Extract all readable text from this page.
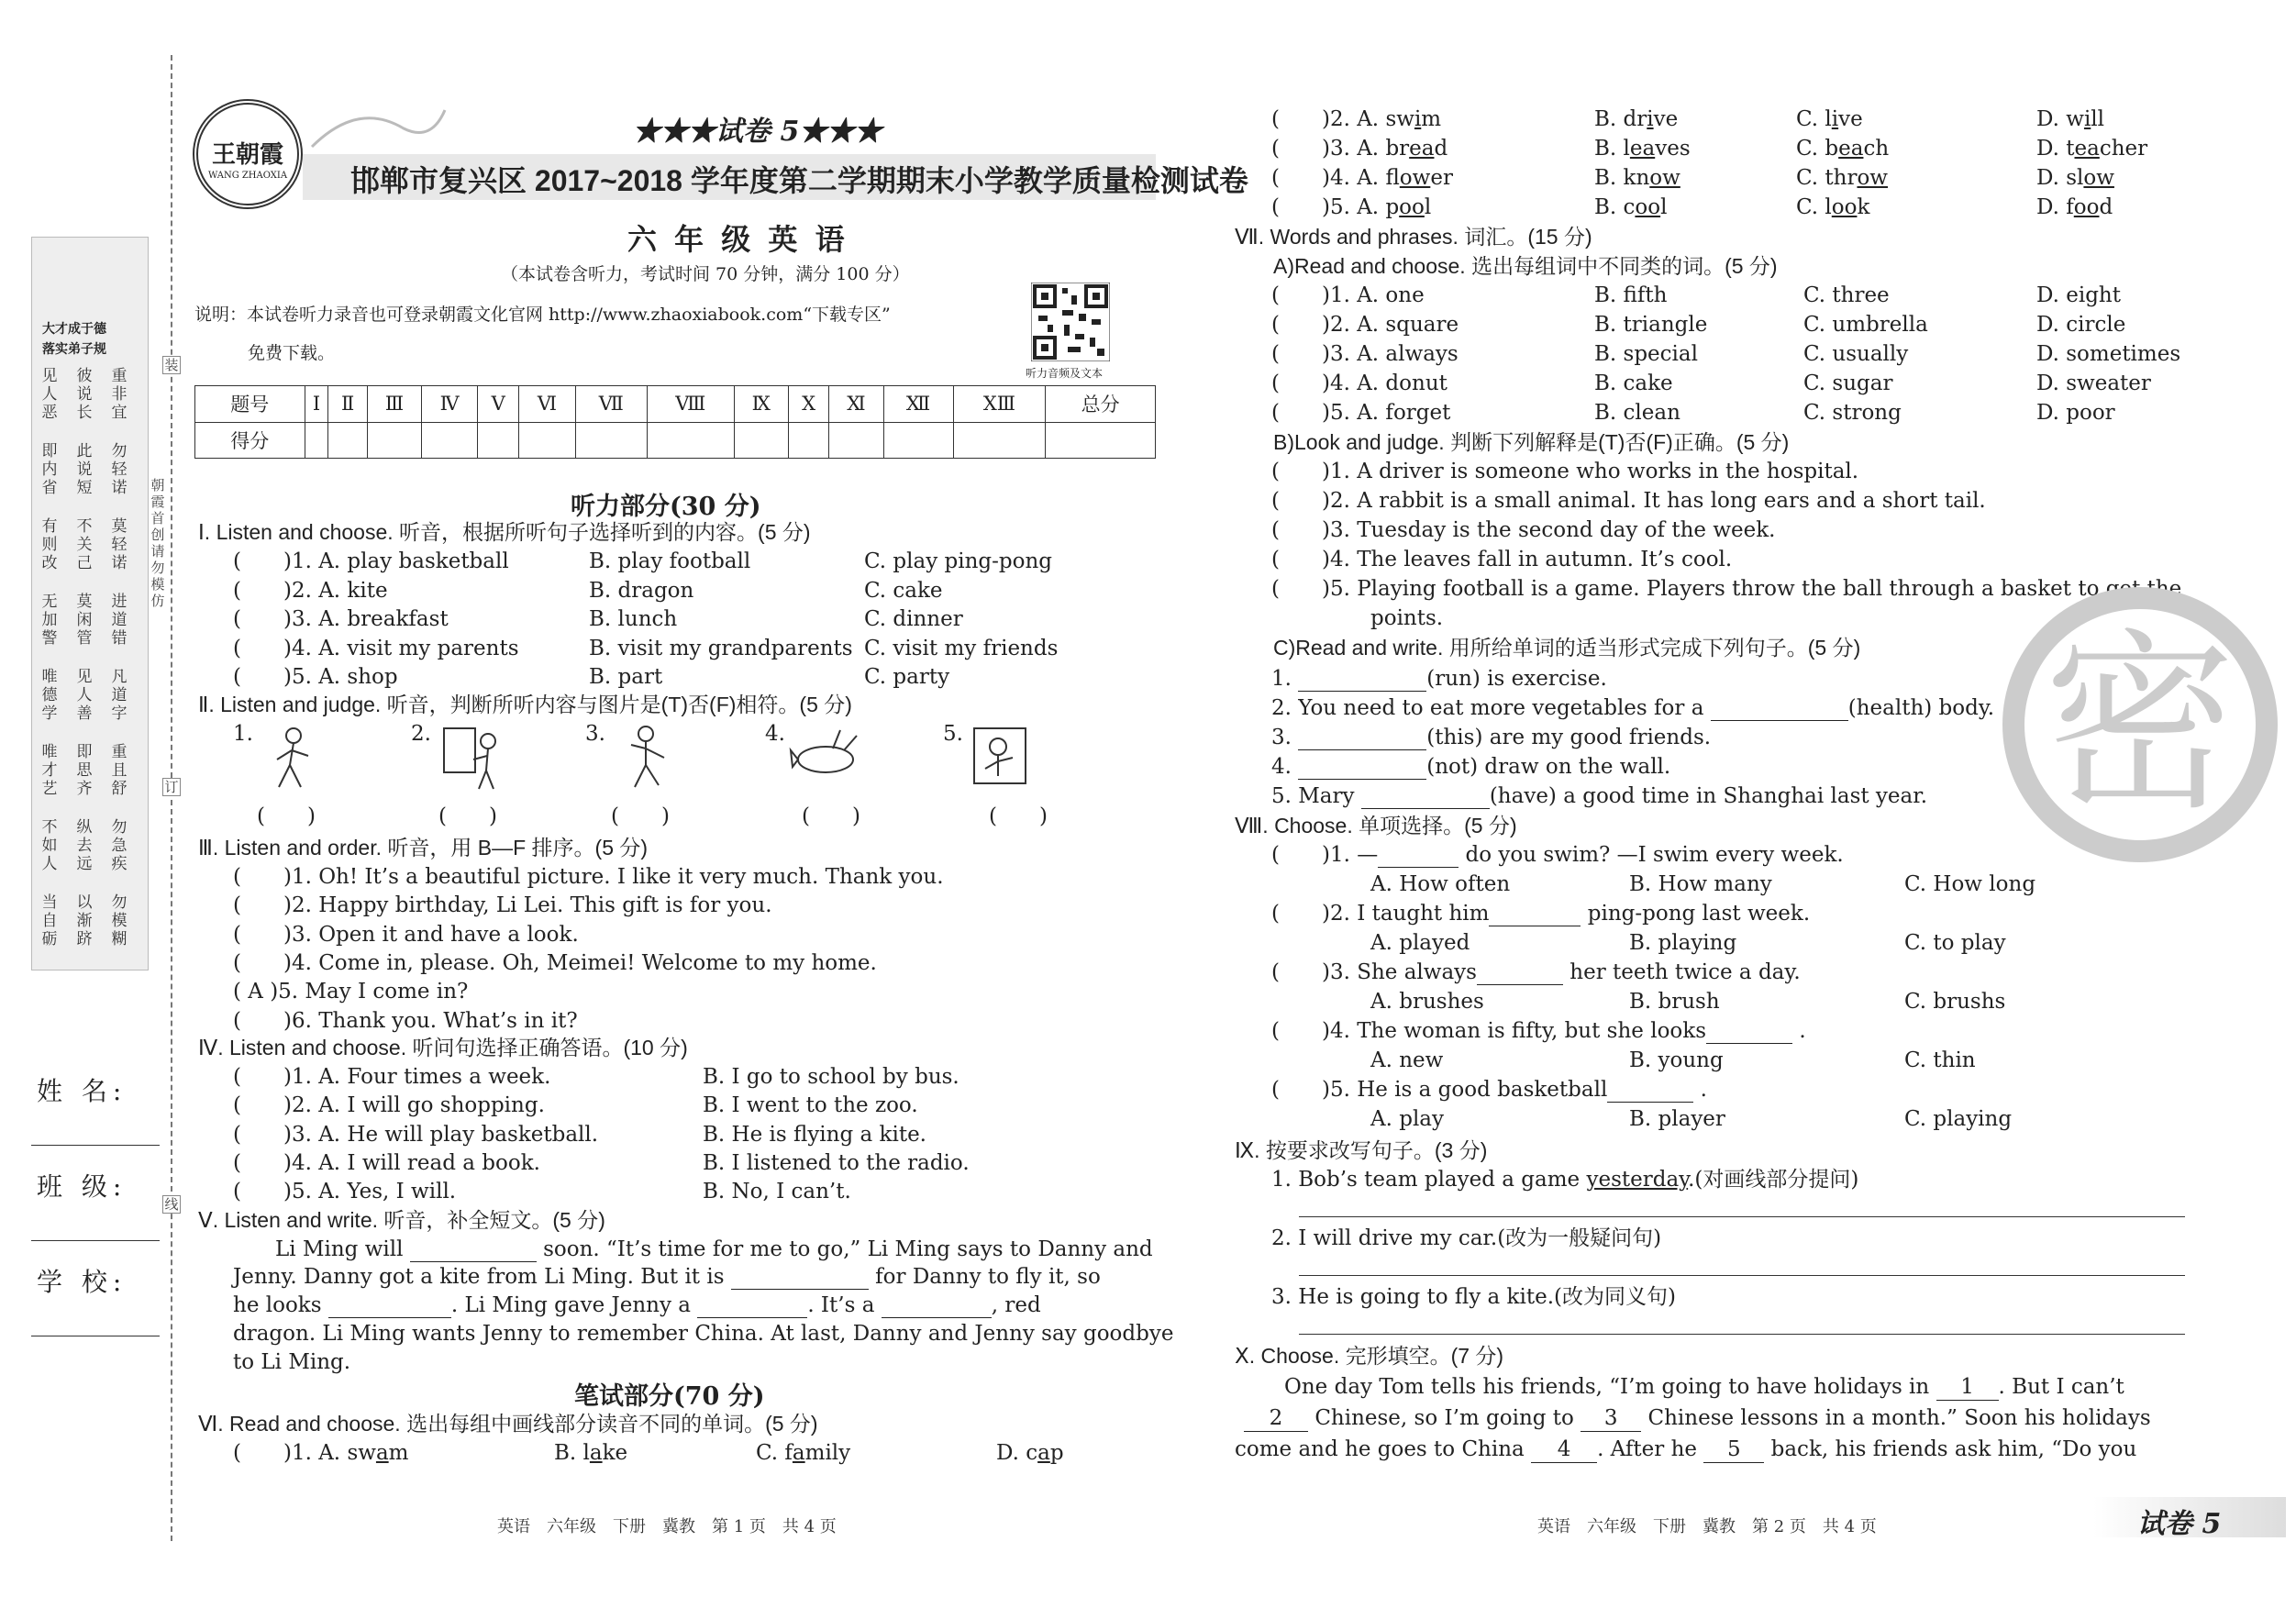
大才成于德
落实弟子规
见人恶
彼说长
重非宜
即内省
此说短
勿轻诺
有则改
不关己
莫轻诺
无加警
莫闲管
进道错
唯德学
见人善
凡道字
唯才艺
即思齐
重且舒
不如人
纵去远
勿急疾
当自砺
以渐跻
勿模糊
装
订
线
朝霞首创 请勿模仿
姓 名:
班 级:
学 校:
王朝霞
WANG ZHAOXIA
★★★试卷 5★★★
邯郸市复兴区 2017~2018 学年度第二学期期末小学教学质量检测试卷
六 年 级 英 语
（本试卷含听力，考试时间 70 分钟，满分 100 分）
说明：本试卷听力录音也可登录朝霞文化官网 http://www.zhaoxiabook.com“下载专区”
免费下载。
听力音频及文本
题号	Ⅰ	Ⅱ	Ⅲ	Ⅳ	Ⅴ	Ⅵ	Ⅶ	Ⅷ	Ⅸ	Ⅹ	Ⅺ	Ⅻ	ⅩⅢ	总分
得分														
听力部分(30 分)
Ⅰ. Listen and choose. 听音，根据所听句子选择听到的内容。(5 分)
(　　)1. A. play basketball	B. play football	C. play ping-pong
(　　)2. A. kite	B. dragon	C. cake
(　　)3. A. breakfast	B. lunch	C. dinner
(　　)4. A. visit my parents	B. visit my grandparents C. visit my friends
(　　)5. A. shop	B. part	C. party
Ⅱ. Listen and judge. 听音，判断所听内容与图片是(T)否(F)相符。(5 分)
1.	2.	3.	4.	5.
(　　)	(　　)	(　　)	(　　)	(　　)
Ⅲ. Listen and order. 听音，用 B—F 排序。(5 分)
(　　)1. Oh! It’s a beautiful picture. I like it very much. Thank you.
(　　)2. Happy birthday, Li Lei. This gift is for you.
(　　)3. Open it and have a look.
(　　)4. Come in, please. Oh, Meimei! Welcome to my home.
( A )5. May I come in?
(　　)6. Thank you. What’s in it?
Ⅳ. Listen and choose. 听问句选择正确答语。(10 分)
(　　)1. A. Four times a week.	B. I go to school by bus.
(　　)2. A. I will go shopping.	B. I went to the zoo.
(　　)3. A. He will play basketball.	B. He is flying a kite.
(　　)4. A. I will read a book.	B. I listened to the radio.
(　　)5. A. Yes, I will.	B. No, I can’t.
Ⅴ. Listen and write. 听音，补全短文。(5 分)
Li Ming will	soon. “It’s time for me to go,” Li Ming says to Danny and
Jenny. Danny got a kite from Li Ming. But it is	for Danny to fly it, so
he looks	. Li Ming gave Jenny a	. It’s a	, red
dragon. Li Ming wants Jenny to remember China. At last, Danny and Jenny say goodbye
to Li Ming.
笔试部分(70 分)
Ⅵ. Read and choose. 选出每组中画线部分读音不同的单词。(5 分)
(　　)1. A. swam	B. lake	C. family	D. cap
(　　)2. A. swim	B. drive	C. live	D. will
(　　)3. A. bread	B. leaves	C. beach	D. teacher
(　　)4. A. flower	B. know	C. throw	D. slow
(　　)5. A. pool	B. cool	C. look	D. food
Ⅶ. Words and phrases. 词汇。(15 分)
A)Read and choose. 选出每组词中不同类的词。(5 分)
(　　)1. A. one	B. fifth	C. three	D. eight
(　　)2. A. square	B. triangle	C. umbrella	D. circle
(　　)3. A. always	B. special	C. usually	D. sometimes
(　　)4. A. donut	B. cake	C. sugar	D. sweater
(　　)5. A. forget	B. clean	C. strong	D. poor
B)Look and judge. 判断下列解释是(T)否(F)正确。(5 分)
(　　)1. A driver is someone who works in the hospital.
(　　)2. A rabbit is a small animal. It has long ears and a short tail.
(　　)3. Tuesday is the second day of the week.
(　　)4. The leaves fall in autumn. It’s cool.
(　　)5. Playing football is a game. Players throw the ball through a basket to get the
points.
C)Read and write. 用所给单词的适当形式完成下列句子。(5 分)
1.	(run) is exercise.
2. You need to eat more vegetables for a	(health) body.
3.	(this) are my good friends.
4.	(not) draw on the wall.
5. Mary	(have) a good time in Shanghai last year.
Ⅷ. Choose. 单项选择。(5 分)
(　　)1. —	do you swim? —I swim every week.
A. How often	B. How many	C. How long
(　　)2. I taught him	ping-pong last week.
A. played	B. playing	C. to play
(　　)3. She always	her teeth twice a day.
A. brushes	B. brush	C. brushs
(　　)4. The woman is fifty, but she looks	.
A. new	B. young	C. thin
(　　)5. He is a good basketball	.
A. play	B. player	C. playing
Ⅸ. 按要求改写句子。(3 分)
1. Bob’s team played a game yesterday.(对画线部分提问)
2. I will drive my car.(改为一般疑问句)
3. He is going to fly a kite.(改为同义句)
Ⅹ. Choose. 完形填空。(7 分)
One day Tom tells his friends, “I’m going to have holidays in 1 . But I can’t
2 Chinese, so I’m going to 3 Chinese lessons in a month.” Soon his holidays
come and he goes to China 4 . After he 5 back, his friends ask him, “Do you
密
英语　六年级　下册　冀教　第 1 页　共 4 页	英语　六年级　下册　冀教　第 2 页　共 4 页	试卷 5
